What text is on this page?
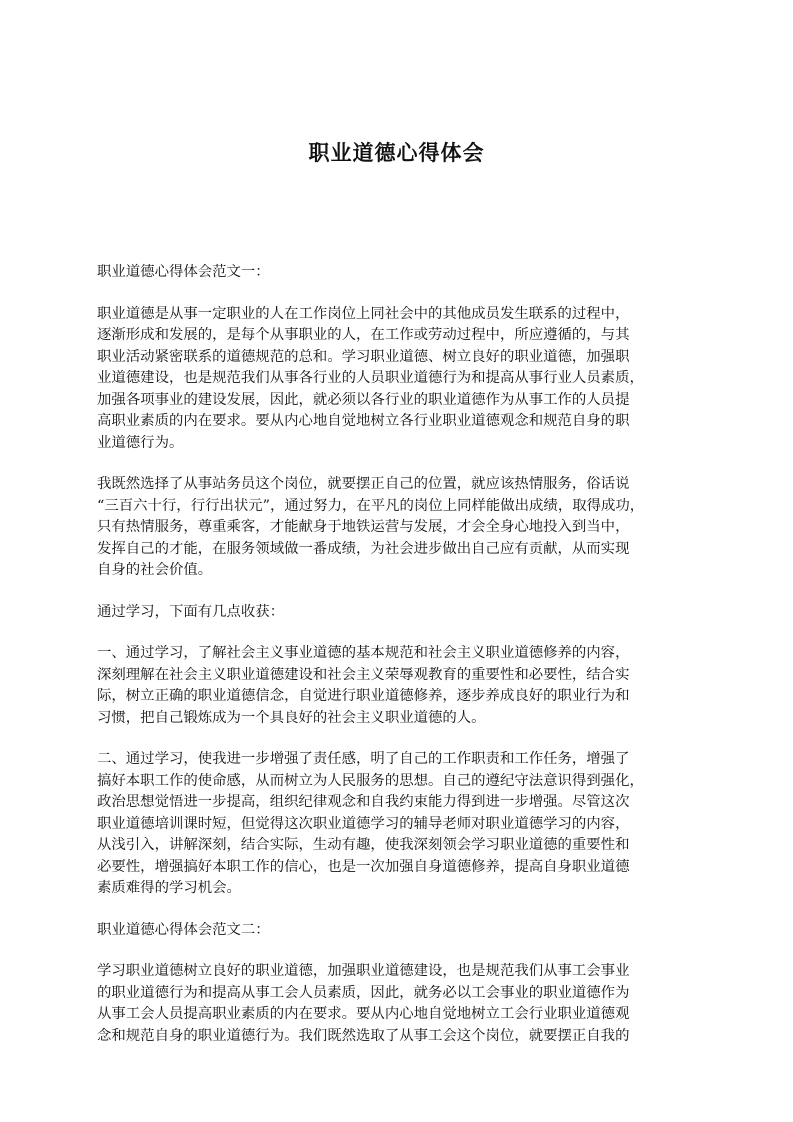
职业道德心得体会
职业道德心得体会范文一：
职业道德是从事一定职业的人在工作岗位上同社会中的其他成员发生联系的过程中，
逐渐形成和发展的，是每个从事职业的人，在工作或劳动过程中，所应遵循的，与其
职业活动紧密联系的道德规范的总和。学习职业道德、树立良好的职业道德，加强职
业道德建设，也是规范我们从事各行业的人员职业道德行为和提高从事行业人员素质，
加强各项事业的建设发展，因此，就必须以各行业的职业道德作为从事工作的人员提
高职业素质的内在要求。要从内心地自觉地树立各行业职业道德观念和规范自身的职
业道德行为。
我既然选择了从事站务员这个岗位，就要摆正自己的位置，就应该热情服务，俗话说
“三百六十行，行行出状元”，通过努力，在平凡的岗位上同样能做出成绩，取得成功，
只有热情服务，尊重乘客，才能献身于地铁运营与发展，才会全身心地投入到当中，
发挥自己的才能，在服务领域做一番成绩，为社会进步做出自己应有贡献，从而实现
自身的社会价值。
通过学习，下面有几点收获：
一、通过学习，了解社会主义事业道德的基本规范和社会主义职业道德修养的内容，
深刻理解在社会主义职业道德建设和社会主义荣辱观教育的重要性和必要性，结合实
际，树立正确的职业道德信念，自觉进行职业道德修养，逐步养成良好的职业行为和
习惯，把自己锻炼成为一个具良好的社会主义职业道德的人。
二、通过学习，使我进一步增强了责任感，明了自己的工作职责和工作任务，增强了
搞好本职工作的使命感，从而树立为人民服务的思想。自己的遵纪守法意识得到强化，
政治思想觉悟进一步提高，组织纪律观念和自我约束能力得到进一步增强。尽管这次
职业道德培训课时短，但觉得这次职业道德学习的辅导老师对职业道德学习的内容，
从浅引入，讲解深刻，结合实际，生动有趣，使我深刻领会学习职业道德的重要性和
必要性，增强搞好本职工作的信心，也是一次加强自身道德修养，提高自身职业道德
素质难得的学习机会。
职业道德心得体会范文二：
学习职业道德树立良好的职业道德，加强职业道德建设，也是规范我们从事工会事业
的职业道德行为和提高从事工会人员素质，因此，就务必以工会事业的职业道德作为
从事工会人员提高职业素质的内在要求。要从内心地自觉地树立工会行业职业道德观
念和规范自身的职业道德行为。我们既然选取了从事工会这个岗位，就要摆正自我的
